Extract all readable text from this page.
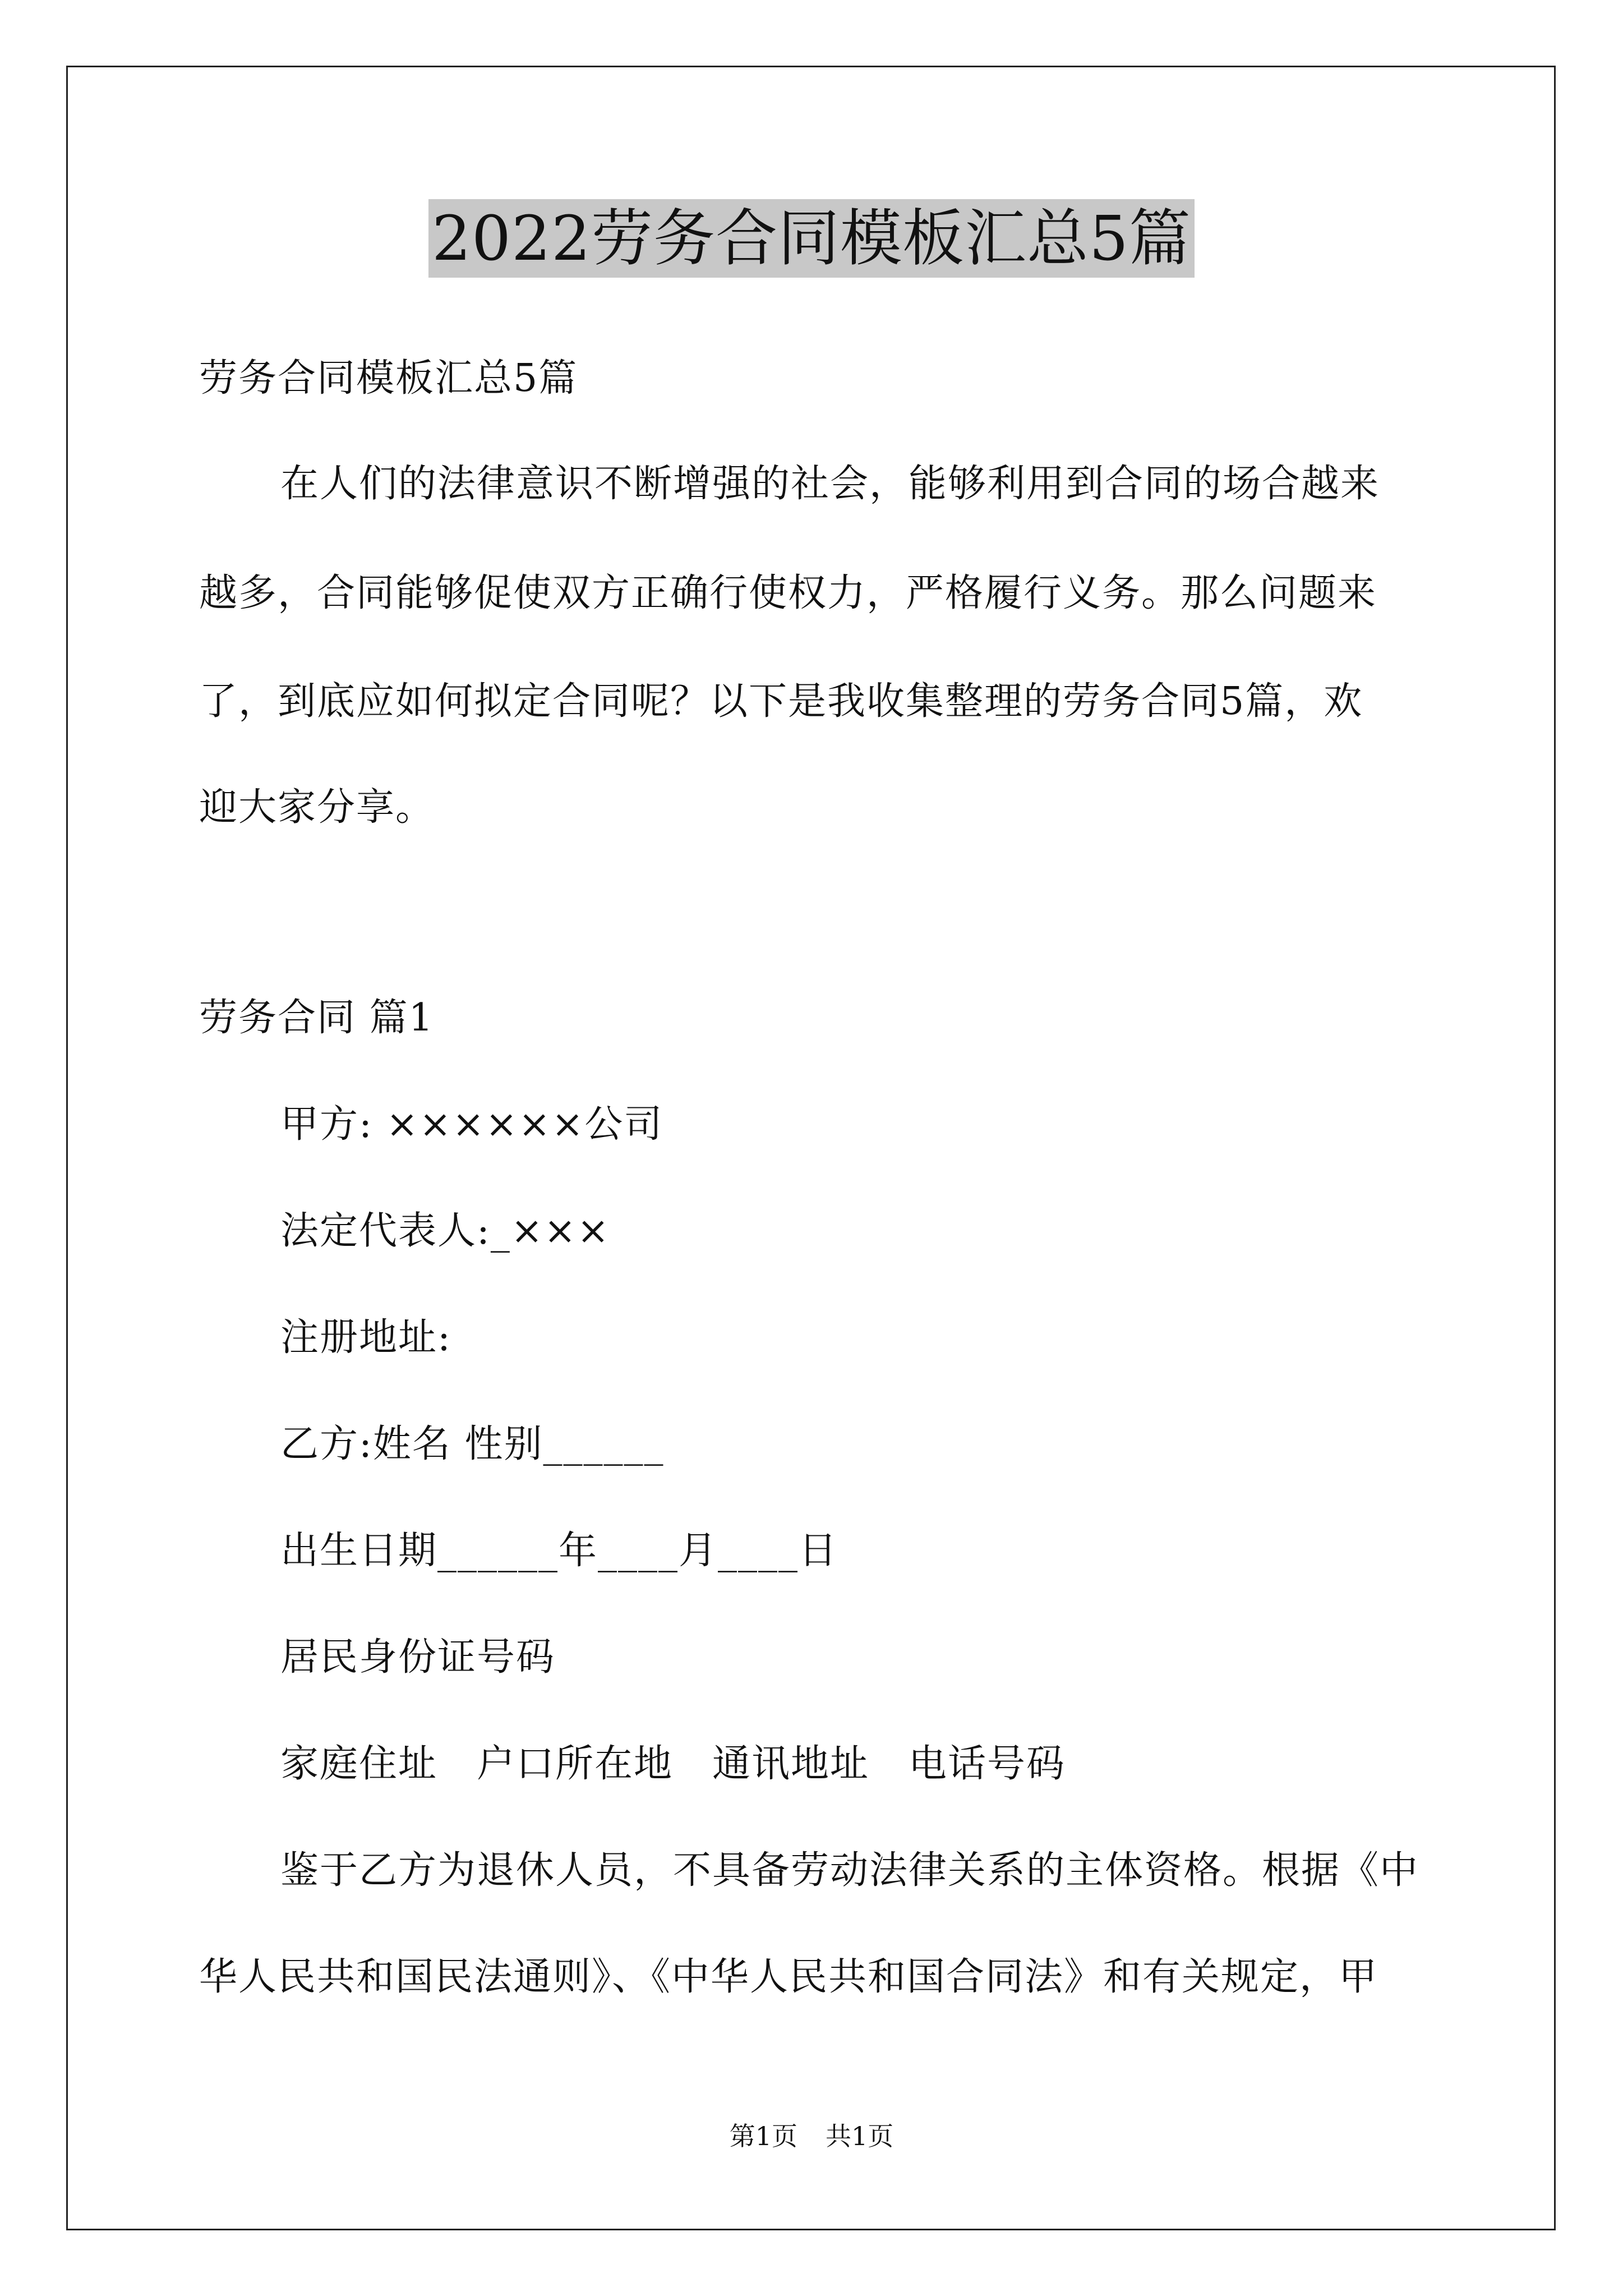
2022劳务合同模板汇总5篇
劳务合同模板汇总5篇
在人们的法律意识不断增强的社会，能够利用到合同的场合越来
越多，合同能够促使双方正确行使权力，严格履行义务。那么问题来
了，到底应如何拟定合同呢？以下是我收集整理的劳务合同5篇，欢
迎大家分享。
劳务合同 篇1
甲方: ××××××公司
法定代表人:_×××
注册地址:
乙方:姓名 性别______
出生日期______年____月____日
居民身份证号码
家庭住址 户口所在地 通讯地址 电话号码
鉴于乙方为退休人员，不具备劳动法律关系的主体资格。根据《中
华人民共和国民法通则》、《中华人民共和国合同法》和有关规定，甲
第1页 共1页
